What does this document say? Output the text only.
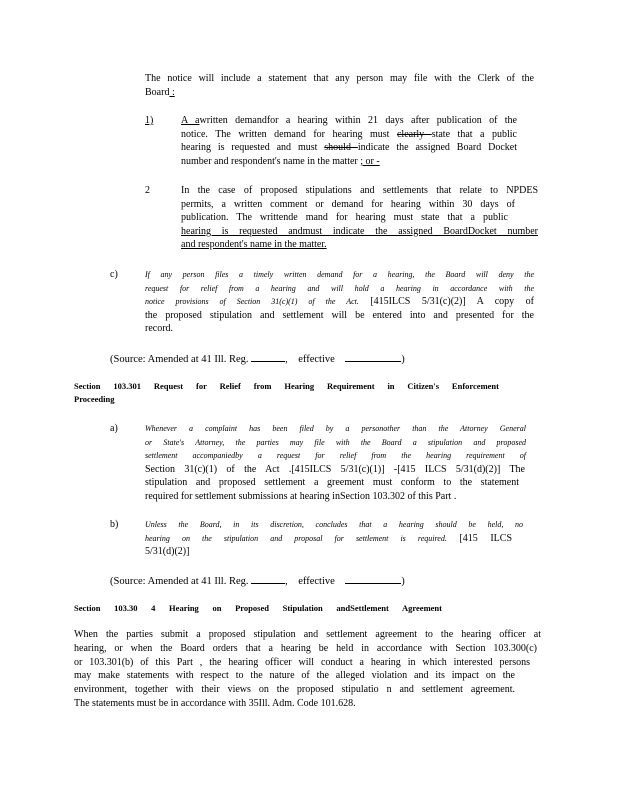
The notice will include a statement that any person may file with the Clerk of the
Board :
1)	A awritten demandfor a hearing within 21 days after publication of the
notice. The written demand for hearing must clearly state that a public
hearing is requested and must should indicate the assigned Board Docket
number and respondent's name in the matter ; or -
2	In the case of proposed stipulations and settlements that relate to NPDES
permits, a written comment or demand for hearing within 30 days of
publication. The writtende mand for hearing must state that a public
hearing is requested andmust indicate the assigned BoardDocket number
and respondent's name in the matter.
c)	If any person files a timely written demand for a hearing, the Board will deny the
request for relief from a hearing and will hold a hearing in accordance with the
notice provisions of Section 31(c)(1) of the Act. [415ILCS 5/31(c)(2)] A copy of
the proposed stipulation and settlement will be entered into and presented for the
record.
(Source: Amended at 41 Ill. Reg.	, effective	)
Section 103.301 Request for Relief from Hearing Requirement in Citizen's Enforcement
Proceeding
a)	Whenever a complaint has been filed by a personother than the Attorney General
or State's Attorney, the parties may file with the Board a stipulation and proposed
settlement accompaniedby a request for relief from the hearing requirement of
Section 31(c)(1) of the Act .[415ILCS 5/31(c)(1)] -[415 ILCS 5/31(d)(2)] The
stipulation and proposed settlement a greement must conform to the statement
required for settlement submissions at hearing inSection 103.302 of this Part .
b)	Unless the Board, in its discretion, concludes that a hearing should be held, no
hearing on the stipulation and proposal for settlement is required. [415 ILCS
5/31(d)(2)]
(Source: Amended at 41 Ill. Reg.	, effective	)
Section 103.30 4 Hearing on Proposed Stipulation andSettlement Agreement
When the parties submit a proposed stipulation and settlement agreement to the hearing officer at
hearing, or when the Board orders that a hearing be held in accordance with Section 103.300(c)
or 103.301(b) of this Part , the hearing officer will conduct a hearing in which interested persons
may make statements with respect to the nature of the alleged violation and its impact on the
environment, together with their views on the proposed stipulatio n and settlement agreement.
The statements must be in accordance with 35Ill. Adm. Code 101.628.
